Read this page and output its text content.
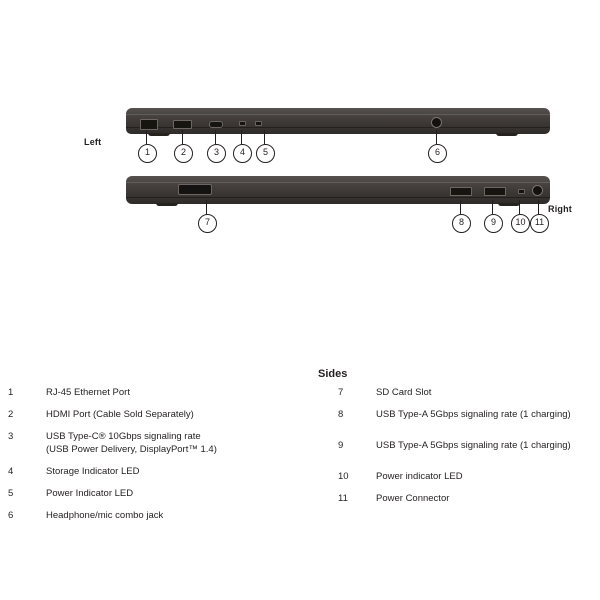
Left
Right
1	2	3	4	5	6
7	8	9	10	11
Sides
1	RJ-45 Ethernet Port
2	HDMI Port (Cable Sold Separately)
3	USB Type-C® 10Gbps signaling rate
(USB Power Delivery, DisplayPort™ 1.4)
4	Storage Indicator LED
5	Power Indicator LED
6	Headphone/mic combo jack
7	SD Card Slot
8	USB Type-A 5Gbps signaling rate (1 charging)
9	USB Type-A 5Gbps signaling rate (1 charging)
10	Power indicator LED
11	Power Connector
